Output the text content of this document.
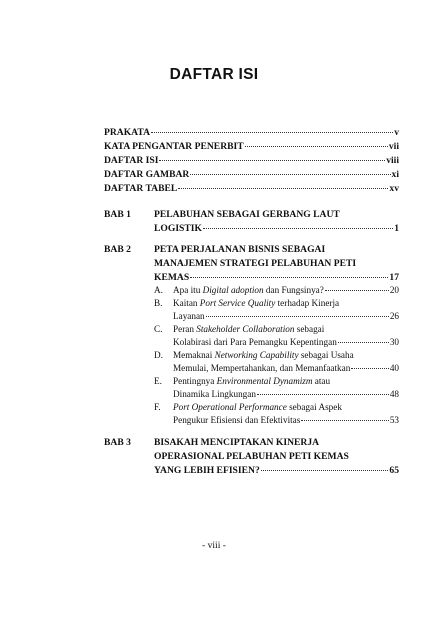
DAFTAR ISI
PRAKATA	v
KATA PENGANTAR PENERBIT	vii
DAFTAR ISI	viii
DAFTAR GAMBAR	xi
DAFTAR TABEL	xv
BAB 1 PELABUHAN SEBAGAI GERBANG LAUT
LOGISTIK	1
BAB 2 PETA PERJALANAN BISNIS SEBAGAI
MANAJEMEN STRATEGI PELABUHAN PETI
KEMAS	17
A. Apa itu Digital adoption dan Fungsinya?	20
B. Kaitan Port Service Quality terhadap Kinerja
Layanan	26
C. Peran Stakeholder Collaboration sebagai
Kolabirasi dari Para Pemangku Kepentingan	30
D. Memaknai Networking Capability sebagai Usaha
Memulai, Mempertahankan, dan Memanfaatkan	40
E. Pentingnya Environmental Dynamizm atau
Dinamika Lingkungan	48
F. Port Operational Performance sebagai Aspek
Pengukur Efisiensi dan Efektivitas	53
BAB 3 BISAKAH MENCIPTAKAN KINERJA
OPERASIONAL PELABUHAN PETI KEMAS
YANG LEBIH EFISIEN?	65
- viii -
